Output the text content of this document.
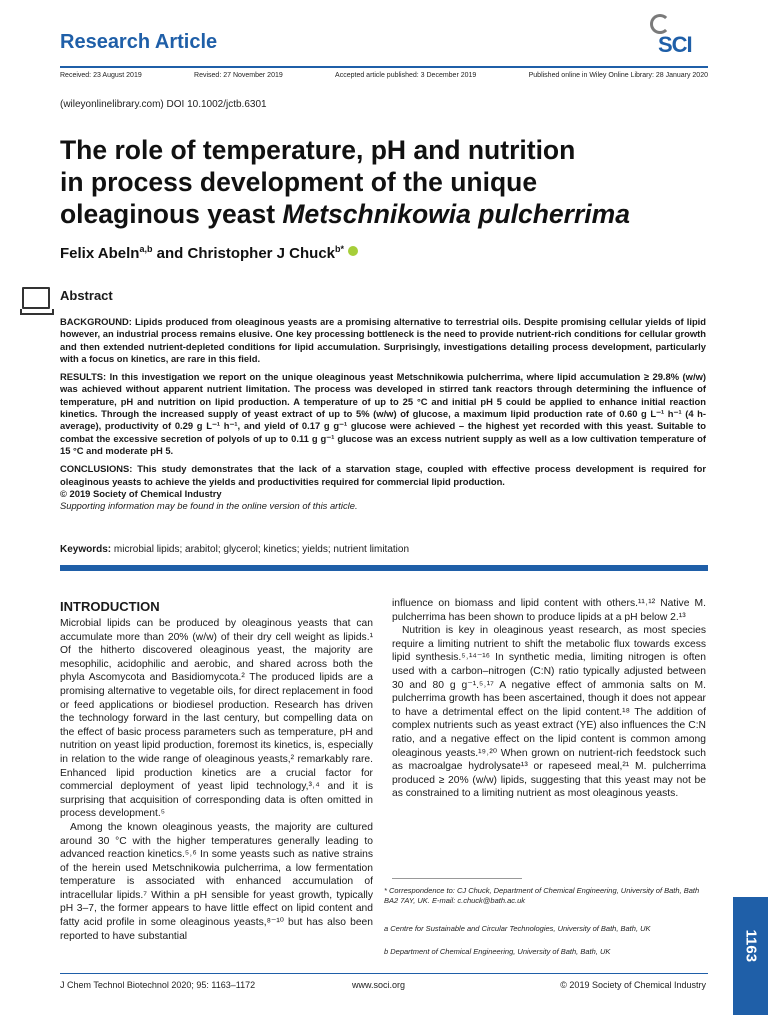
Research Article	SCI
Received: 23 August 2019	Revised: 27 November 2019	Accepted article published: 3 December 2019	Published online in Wiley Online Library: 28 January 2020
(wileyonlinelibrary.com) DOI 10.1002/jctb.6301
The role of temperature, pH and nutrition
in process development of the unique
oleaginous yeast Metschnikowia pulcherrima
Felix Abeln$^{a,b}$ and Christopher J Chuck$^{b*}$
Abstract

BACKGROUND: Lipids produced from oleaginous yeasts are a promising alternative to terrestrial oils. Despite promising cellular yields of lipid however, an industrial process remains elusive. One key processing bottleneck is the need to provide nutrient-rich conditions for cellular growth and then extended nutrient-depleted conditions for lipid accumulation. Surprisingly, investigations detailing process development, particularly with a focus on kinetics, are rare in this field.

RESULTS: In this investigation we report on the unique oleaginous yeast Metschnikowia pulcherrima, where lipid accumulation ≥ 29.8% (w/w) was achieved without apparent nutrient limitation. The process was developed in stirred tank reactors through determining the influence of temperature, pH and nutrition on lipid production. A temperature of up to 25 °C and initial pH 5 could be applied to enhance initial reaction kinetics. Through the increased supply of yeast extract of up to 5% (w/w) of glucose, a maximum lipid production rate of 0.60 g L⁻¹ h⁻¹ (4 h-average), productivity of 0.29 g L⁻¹ h⁻¹, and yield of 0.17 g g⁻¹ glucose were achieved – the highest yet recorded with this yeast. Suitable to combat the excessive secretion of polyols of up to 0.11 g g⁻¹ glucose was an excess nutrient supply as well as a low cultivation temperature of 15 °C and moderate pH 5.

CONCLUSIONS: This study demonstrates that the lack of a starvation stage, coupled with effective process development is required for oleaginous yeasts to achieve the yields and productivities required for commercial lipid production.
© 2019 Society of Chemical Industry
Supporting information may be found in the online version of this article.

Keywords: microbial lipids; arabitol; glycerol; kinetics; yields; nutrient limitation
INTRODUCTION

Microbial lipids can be produced by oleaginous yeasts that can accumulate more than 20% (w/w) of their dry cell weight as lipids.¹ Of the hitherto discovered oleaginous yeast, the majority are mesophilic, acidophilic and aerobic, and shared across both the phyla Ascomycota and Basidiomycota.² The produced lipids are a promising alternative to vegetable oils, for direct replacement in food or feed applications or biodiesel production. Research has driven the technology forward in the last century, but compelling data on the effect of basic process parameters such as temperature, pH and nutrition on yeast lipid production, foremost its kinetics, is, especially in relation to the wide range of oleaginous yeasts,² remarkably rare. Enhanced lipid production kinetics are a crucial factor for commercial deployment of yeast lipid technology,³˒⁴ and it is surprising that acquisition of corresponding data is often omitted in process development.⁵

Among the known oleaginous yeasts, the majority are cultured around 30 °C with the higher temperatures generally leading to advanced reaction kinetics.⁵˒⁶ In some yeasts such as native strains of the herein used Metschnikowia pulcherrima, a low fermentation temperature is associated with enhanced accumulation of intracellular lipids.⁷ Within a pH sensible for yeast growth, typically pH 3–7, the former appears to have little effect on lipid content and fatty acid profile in some oleaginous yeasts,⁸⁻¹⁰ but has also been reported to have substantial

influence on biomass and lipid content with others.¹¹˒¹² Native M. pulcherrima has been shown to produce lipids at a pH below 2.¹³

Nutrition is key in oleaginous yeast research, as most species require a limiting nutrient to shift the metabolic flux towards excess lipid synthesis.⁵˒¹⁴⁻¹⁶ In synthetic media, limiting nitrogen is often used with a carbon–nitrogen (C:N) ratio typically adjusted between 30 and 80 g g⁻¹.⁵˒¹⁷ A negative effect of ammonia salts on M. pulcherrima growth has been ascertained, though it does not appear to have a detrimental effect on the lipid content.¹⁸ The addition of complex nutrients such as yeast extract (YE) also influences the C:N ratio, and a negative effect on the lipid content is common among oleaginous yeasts.¹⁹˒²⁰ When grown on nutrient-rich feedstock such as macroalgae hydrolysate¹³ or rapeseed meal,²¹ M. pulcherrima produced ≥ 20% (w/w) lipids, suggesting that this yeast may not be as constrained to a limiting nutrient as most oleaginous yeasts.

* Correspondence to: CJ Chuck, Department of Chemical Engineering, University of Bath, Bath BA2 7AY, UK. E-mail: c.chuck@bath.ac.uk
a Centre for Sustainable and Circular Technologies, University of Bath, Bath, UK
b Department of Chemical Engineering, University of Bath, Bath, UK
J Chem Technol Biotechnol 2020; 95: 1163–1172	www.soci.org	© 2019 Society of Chemical Industry
1163
